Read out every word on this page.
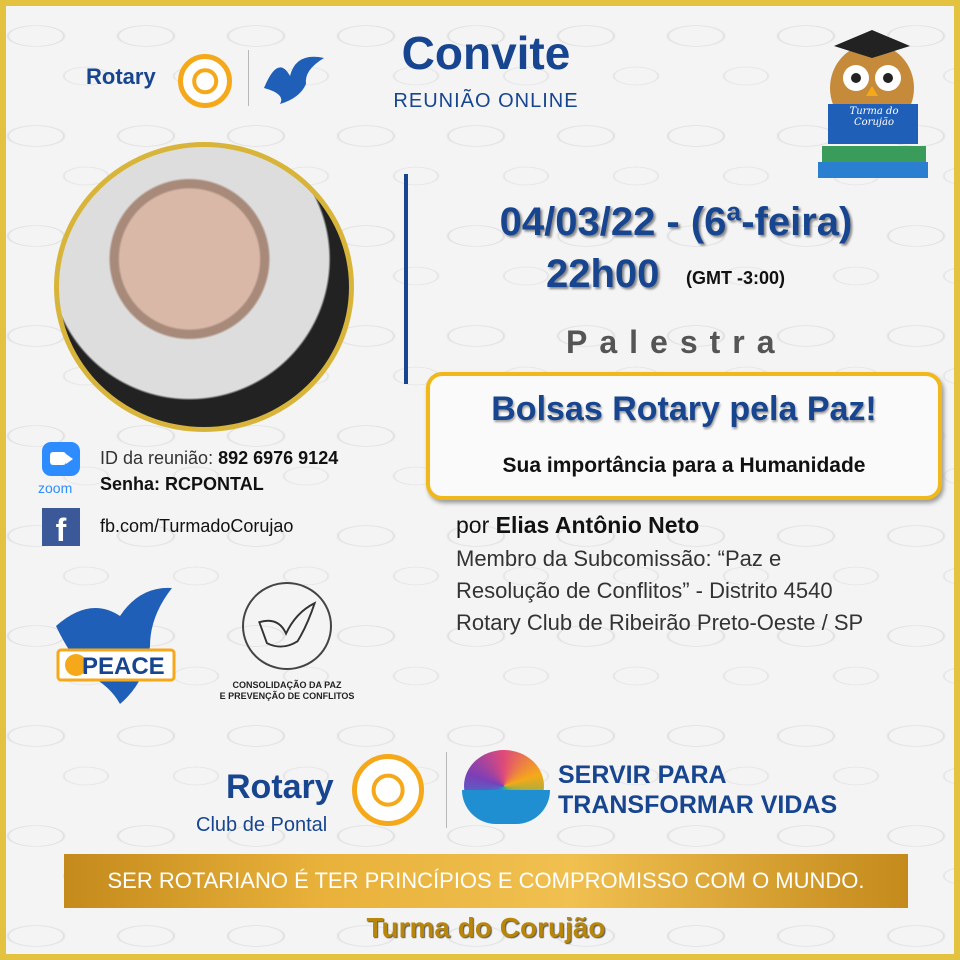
Rotary	Convite
REUNIÃO ONLINE	Turma do Corujão
04/03/22 - (6ª-feira)
22h00 (GMT -3:00)
Palestra
Bolsas Rotary pela Paz!
Sua importância para a Humanidade
por Elias Antônio Neto
Membro da Subcomissão: “Paz e
Resolução de Conflitos” - Distrito 4540
Rotary Club de Ribeirão Preto-Oeste / SP
zoom
ID da reunião: 892 6976 9124
Senha: RCPONTAL
f	fb.com/TurmadoCorujao
PEACE
CONSOLIDAÇÃO DA PAZ
E PREVENÇÃO DE CONFLITOS
Rotary
Club de Pontal
SERVIR PARA
TRANSFORMAR VIDAS
SER ROTARIANO É TER PRINCÍPIOS E COMPROMISSO COM O MUNDO.
Turma do Corujão
